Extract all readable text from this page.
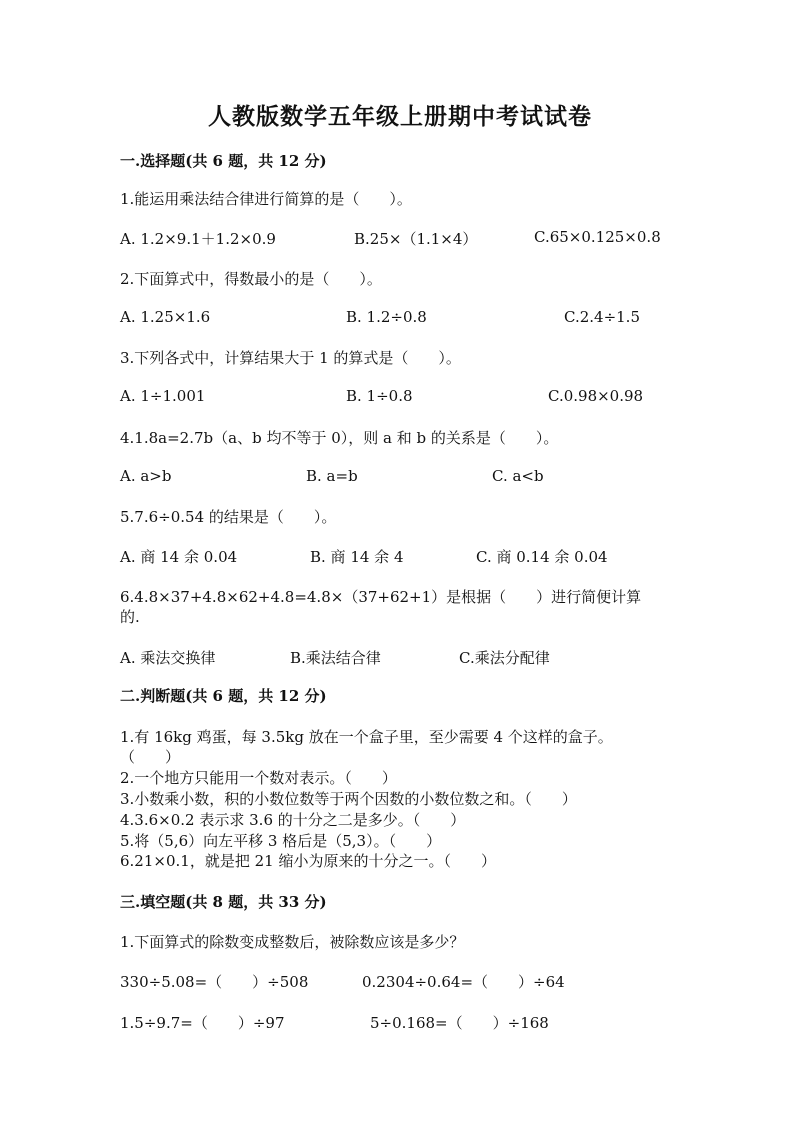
人教版数学五年级上册期中考试试卷
一.选择题(共 6 题，共 12 分)
1.能运用乘法结合律进行简算的是（　　）。
A. 1.2×9.1＋1.2×0.9	B.25×（1.1×4）	C.65×0.125×0.8
2.下面算式中，得数最小的是（　　）。
A. 1.25×1.6	B. 1.2÷0.8	C.2.4÷1.5
3.下列各式中，计算结果大于 1 的算式是（　　）。
A. 1÷1.001	B. 1÷0.8	C.0.98×0.98
4.1.8a=2.7b（a、b 均不等于 0），则 a 和 b 的关系是（　　）。
A. a>b	B. a=b	C. a<b
5.7.6÷0.54 的结果是（　　）。
A. 商 14 余 0.04	B. 商 14 余 4	C. 商 0.14 余 0.04
6.4.8×37+4.8×62+4.8=4.8×（37+62+1）是根据（　　）进行简便计算
的.
A. 乘法交换律	B.乘法结合律	C.乘法分配律
二.判断题(共 6 题，共 12 分)
1.有 16kg 鸡蛋，每 3.5kg 放在一个盒子里，至少需要 4 个这样的盒子。
（　　）
2.一个地方只能用一个数对表示。（　　）
3.小数乘小数，积的小数位数等于两个因数的小数位数之和。（　　）
4.3.6×0.2 表示求 3.6 的十分之二是多少。（　　）
5.将（5,6）向左平移 3 格后是（5,3）。（　　）
6.21×0.1，就是把 21 缩小为原来的十分之一。（　　）
三.填空题(共 8 题，共 33 分)
1.下面算式的除数变成整数后，被除数应该是多少？
330÷5.08=（　　）÷508	0.2304÷0.64=（　　）÷64
1.5÷9.7=（　　）÷97	5÷0.168=（　　）÷168
